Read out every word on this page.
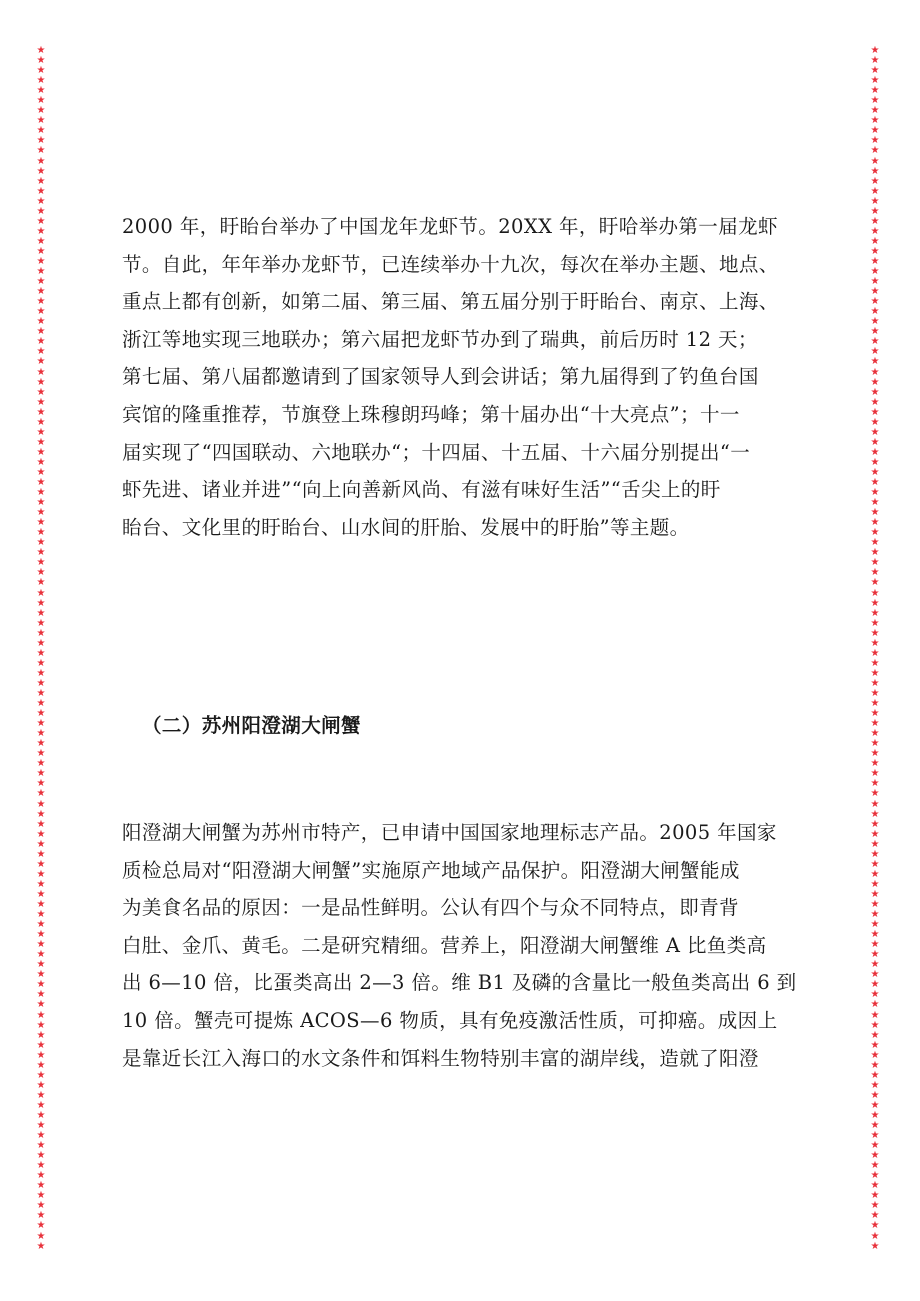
★
★
★
★
★
★
★
★
★
★
★
★
★
★
★
★
★
★
★
★
★
★
★
★
★
★
★
★
★
★
★
★
★
★
★
★
★
★
★
★
★
★
★
★
★
★
★
★
★
★
★
★
★
★
★
★
★
★
★
★
★
★
★
★
★
★
★
★
★
★
★
★
★
★
★
★
★
★
★
★
★
★
★
★
★
★
★
★
★
★
★
★
★
★
★
★
★
★
★
★
★
★
★
★
★
★
★
★
★
★
★
★
★
★
★
★
★
★
★
★
★
★
★
★
★
★
★
★
★
★
★
★
★
★
★
★
★
★
★
★
★
★
★
★
★
★
★
★
★
★
★
★
★
★
★
★
★
★
★
★
★
★
★
★
★
★
★
★
★
★
★
★
★
★
★
★
★
★
★
★
★
★
★
★
★
★
★
★
★
★
★
★
★
★
★
★
★
★
★
★
★
★
★
★
★
★
★
★
★
★
★
★
★
★
★
★
★
★
★
★
★
★
★
★
★
★
★
★
★
★
★
★
★
★
★
★
★
★
★
★
2000 年，盱眙台举办了中国龙年龙虾节。20XX 年，盱哈举办第一届龙虾
节。自此，年年举办龙虾节，已连续举办十九次，每次在举办主题、地点、
重点上都有创新，如第二届、第三届、第五届分别于盱眙台、南京、上海、
浙江等地实现三地联办；第六届把龙虾节办到了瑞典，前后历时 12 天；
第七届、第八届都邀请到了国家领导人到会讲话；第九届得到了钓鱼台国
宾馆的隆重推荐，节旗登上珠穆朗玛峰；第十届办出“十大亮点”；十一
届实现了“四国联动、六地联办“；十四届、十五届、十六届分别提出“一
虾先进、诸业并进”“向上向善新风尚、有滋有味好生活”“舌尖上的盱
眙台、文化里的盱眙台、山水间的肝胎、发展中的盱胎”等主题。
（二）苏州阳澄湖大闸蟹
阳澄湖大闸蟹为苏州市特产，已申请中国国家地理标志产品。2005 年国家
质检总局对“阳澄湖大闸蟹”实施原产地域产品保护。阳澄湖大闸蟹能成
为美食名品的原因：一是品性鲜明。公认有四个与众不同特点，即青背
白肚、金爪、黄毛。二是研究精细。营养上，阳澄湖大闸蟹维 A 比鱼类高
出 6—10 倍，比蛋类高出 2—3 倍。维 B1 及磷的含量比一般鱼类高出 6 到
10 倍。蟹壳可提炼 ACOS—6 物质，具有免疫激活性质，可抑癌。成因上
是靠近长江入海口的水文条件和饵料生物特别丰富的湖岸线，造就了阳澄
